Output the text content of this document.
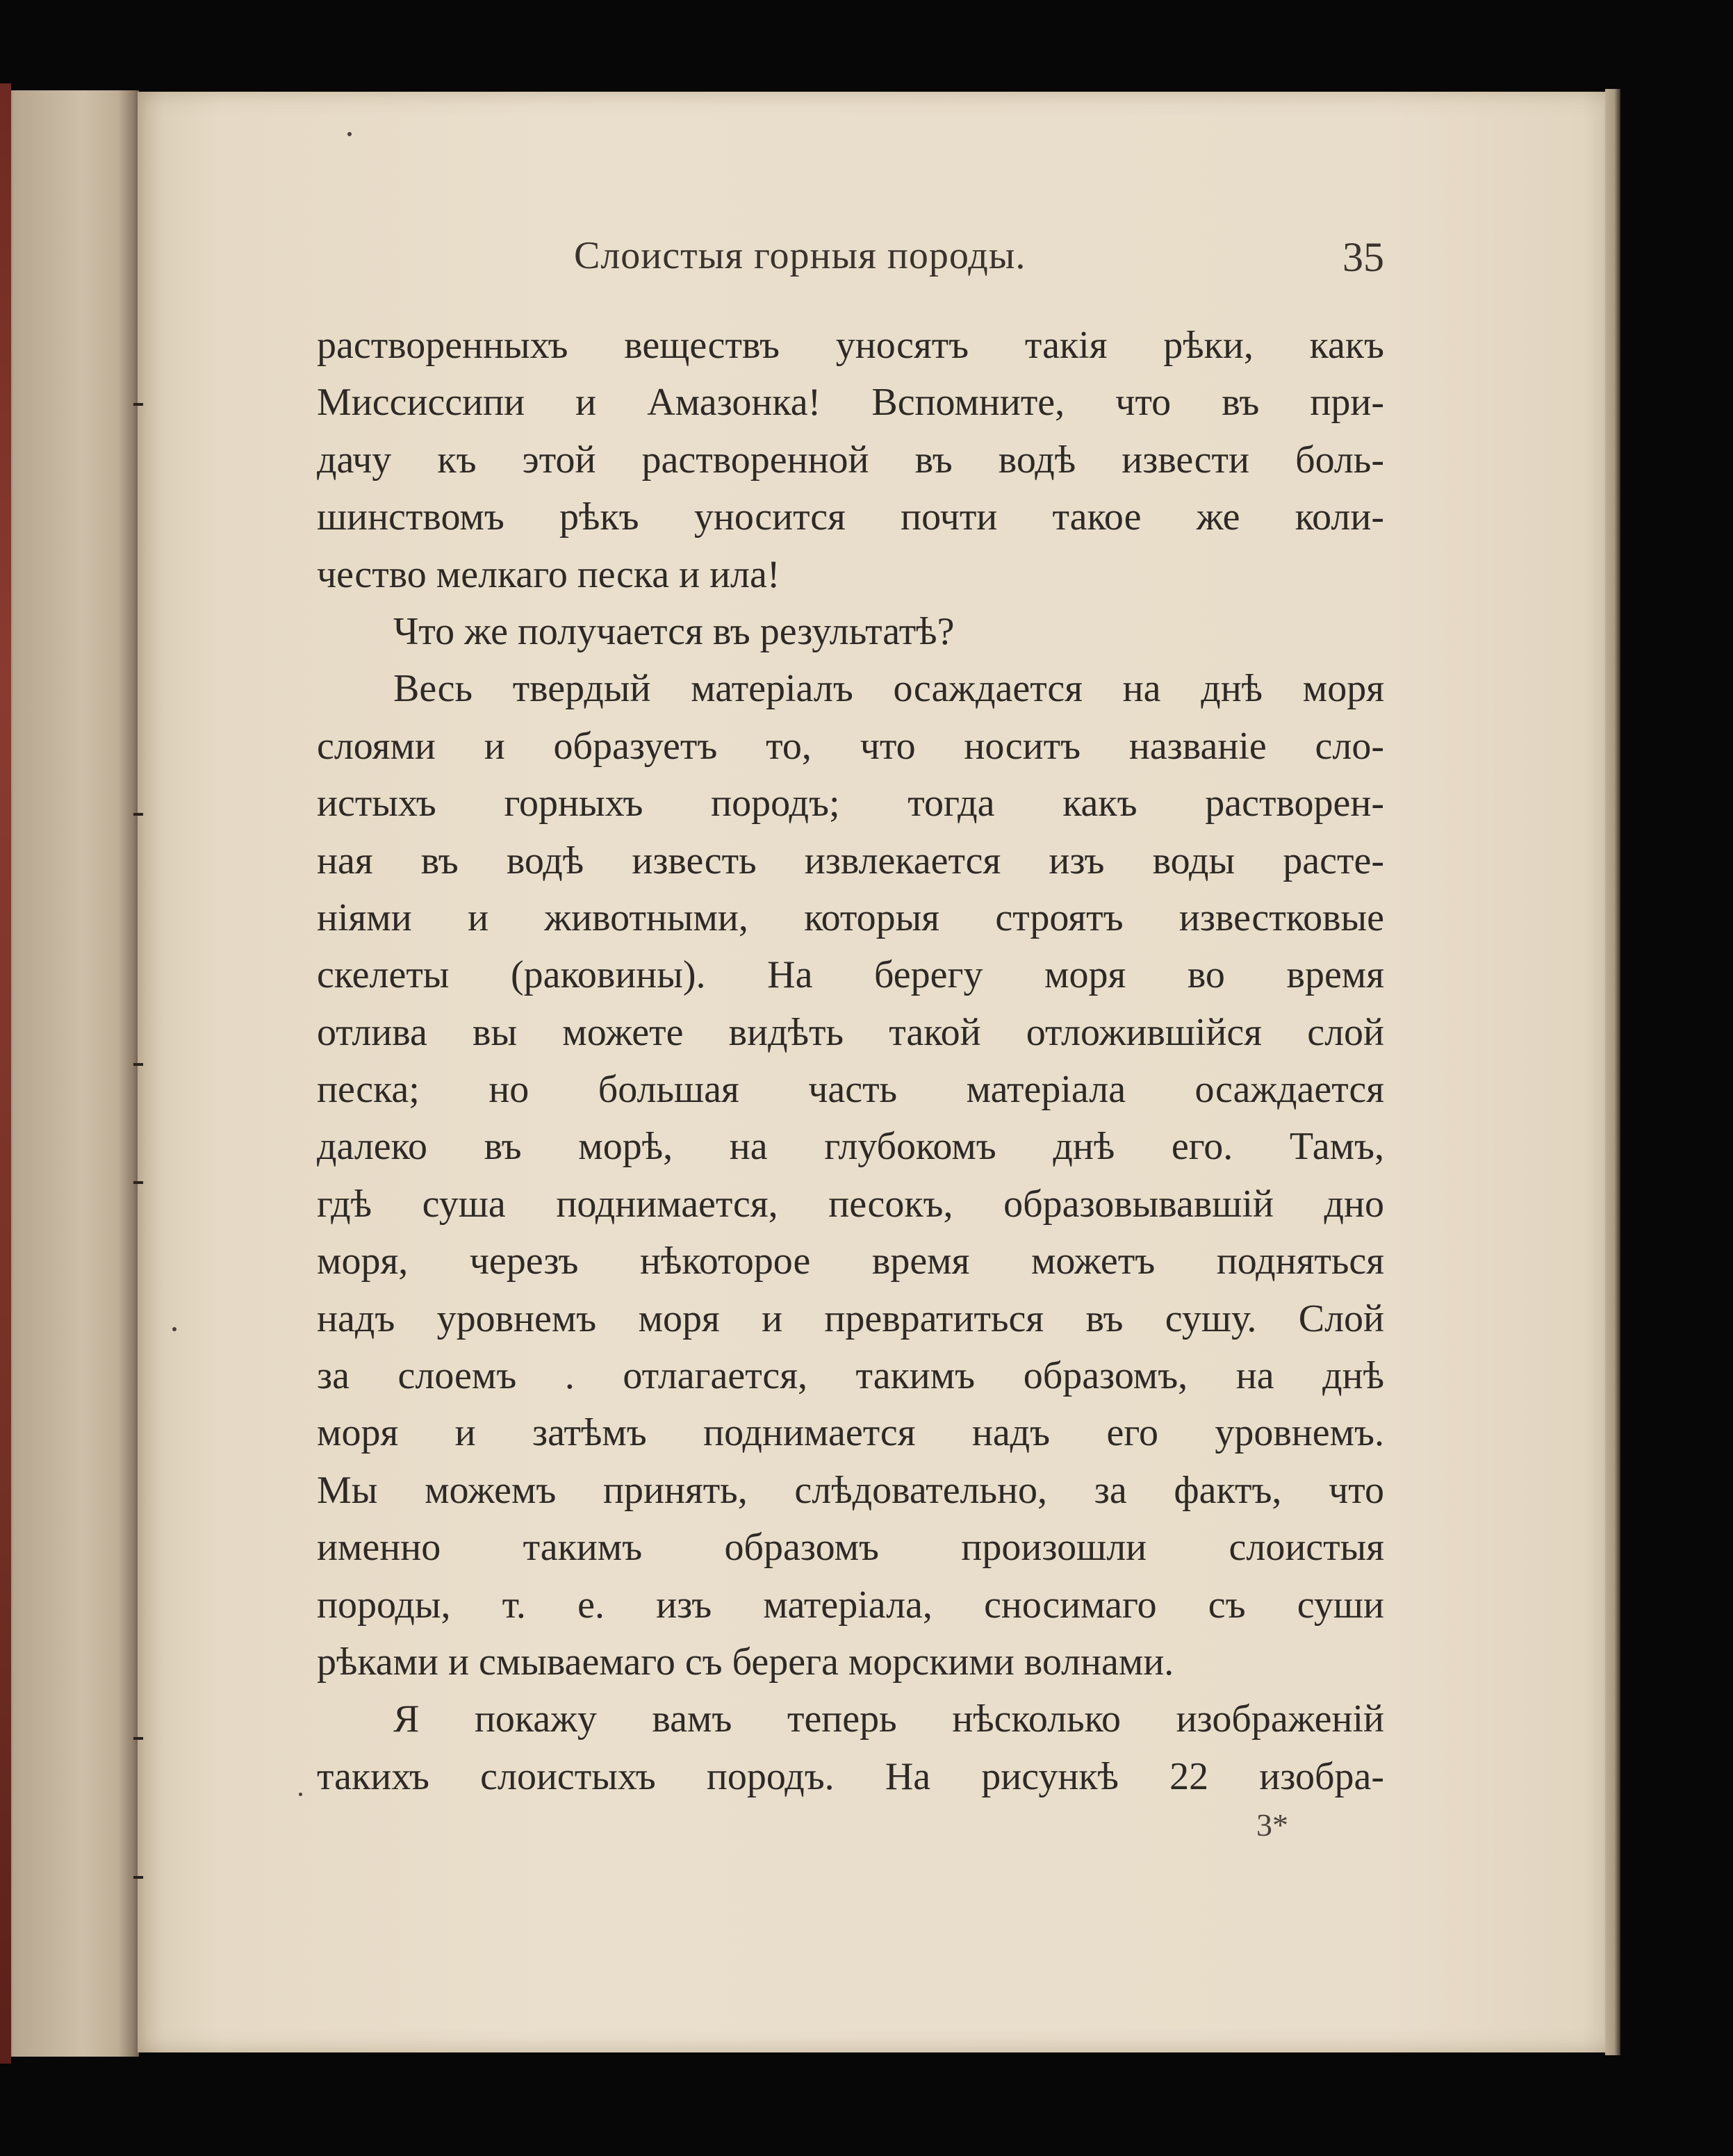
Слоистыя горныя породы.	35
растворенныхъ веществъ уносятъ такія рѣки, какъ
Миссиссипи и Амазонка! Вспомните, что въ при-
дачу къ этой растворенной въ водѣ извести боль-
шинствомъ рѣкъ уносится почти такое же коли-
чество мелкаго песка и ила!
Что же получается въ результатѣ?
Весь твердый матеріалъ осаждается на днѣ моря
слоями и образуетъ то, что носитъ названіе сло-
истыхъ горныхъ породъ; тогда какъ растворен-
ная въ водѣ известь извлекается изъ воды расте-
ніями и животными, которыя строятъ известковые
скелеты (раковины). На берегу моря во время
отлива вы можете видѣть такой отложившійся слой
песка; но большая часть матеріала осаждается
далеко въ морѣ, на глубокомъ днѣ его. Тамъ,
гдѣ суша поднимается, песокъ, образовывавшій дно
моря, черезъ нѣкоторое время можетъ подняться
надъ уровнемъ моря и превратиться въ сушу. Слой
за слоемъ . отлагается, такимъ образомъ, на днѣ
моря и затѣмъ поднимается надъ его уровнемъ.
Мы можемъ принять, слѣдовательно, за фактъ, что
именно такимъ образомъ произошли слоистыя
породы, т. е. изъ матеріала, сносимаго съ суши
рѣками и смываемаго съ берега морскими волнами.
Я покажу вамъ теперь нѣсколько изображеній
такихъ слоистыхъ породъ. На рисункѣ 22 изобра-
3*
